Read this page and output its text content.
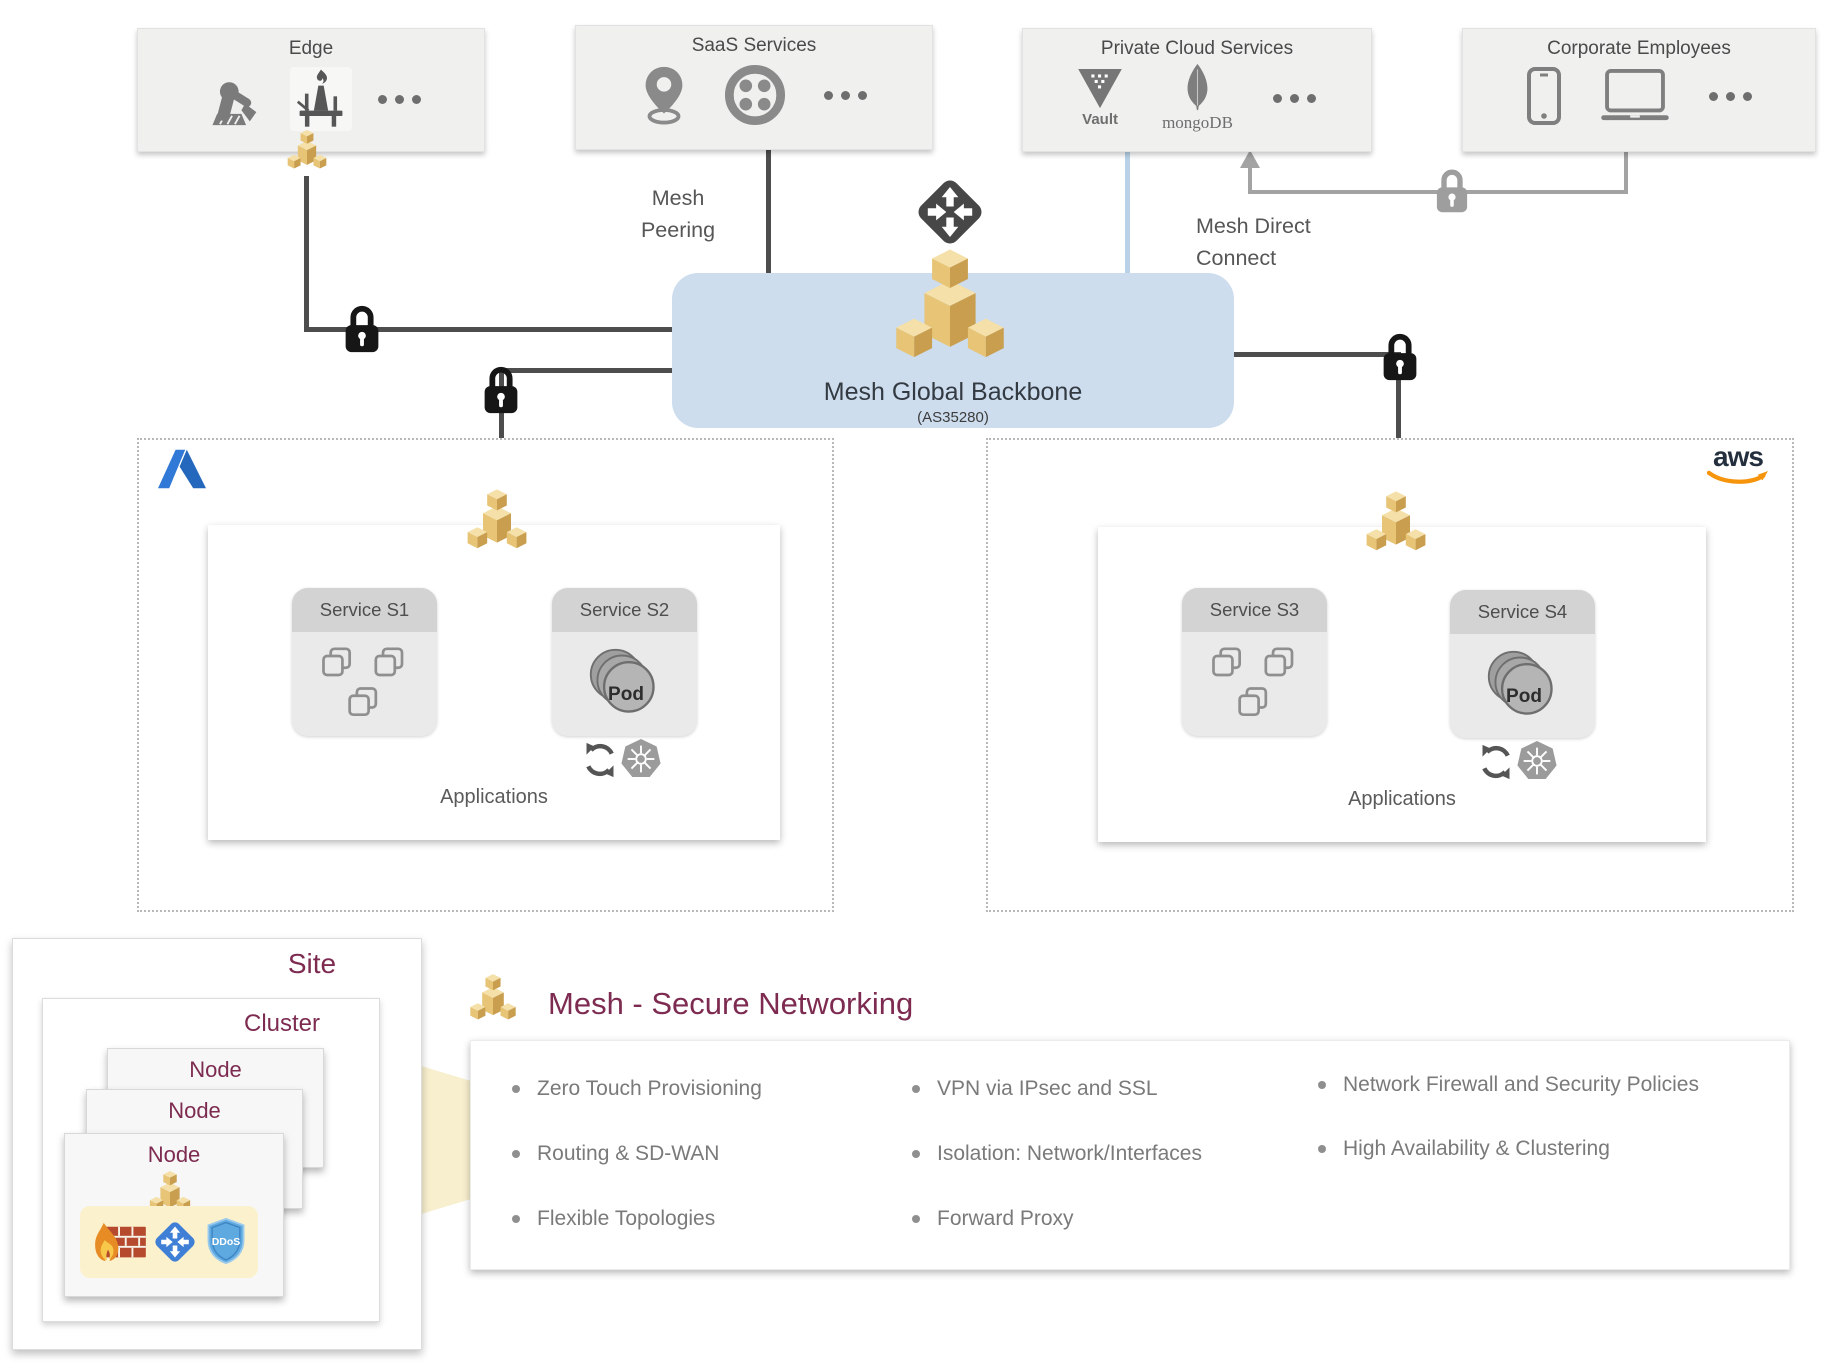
Edge	SaaS Services	Private Cloud Services
Vault	mongoDB
Corporate Employees
Mesh Peering	Mesh Direct Connect
Mesh Global Backbone
(AS35280)
aws
Service S1	Service S2
Pod
Applications
Service S3	Service S4
Pod
Applications
Site
Cluster
Node
Node
Node
DDoS
Mesh - Secure Networking
Zero Touch Provisioning
Routing & SD-WAN
Flexible Topologies
VPN via IPsec and SSL
Isolation: Network/Interfaces
Forward Proxy
Network Firewall and Security Policies
High Availability & Clustering
